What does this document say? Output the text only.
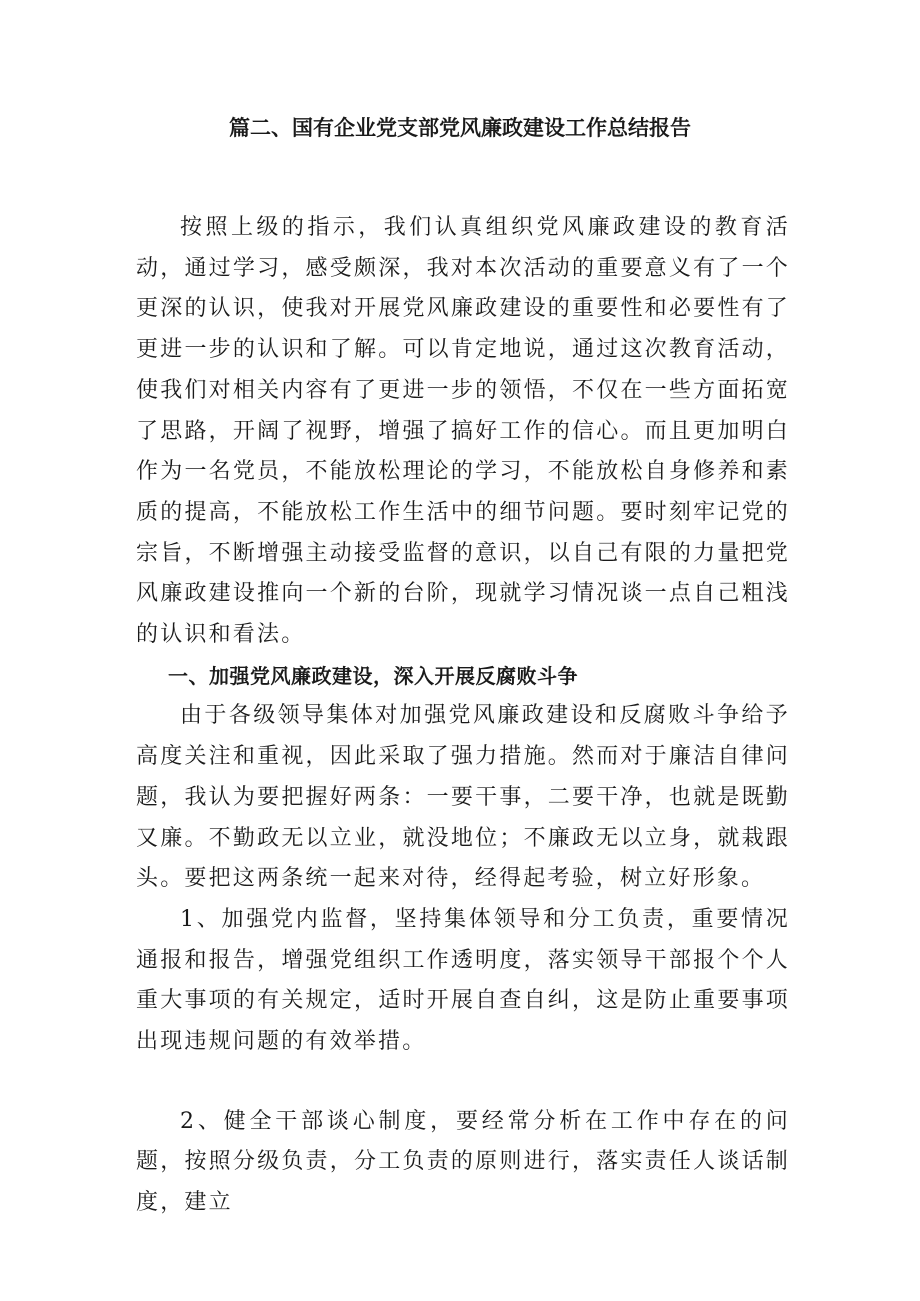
篇二、国有企业党支部党风廉政建设工作总结报告

按照上级的指示，我们认真组织党风廉政建设的教育活动，通过学习，感受颇深，我对本次活动的重要意义有了一个更深的认识，使我对开展党风廉政建设的重要性和必要性有了更进一步的认识和了解。可以肯定地说，通过这次教育活动，使我们对相关内容有了更进一步的领悟，不仅在一些方面拓宽了思路，开阔了视野，增强了搞好工作的信心。而且更加明白作为一名党员，不能放松理论的学习，不能放松自身修养和素质的提高，不能放松工作生活中的细节问题。要时刻牢记党的宗旨，不断增强主动接受监督的意识，以自己有限的力量把党风廉政建设推向一个新的台阶，现就学习情况谈一点自己粗浅的认识和看法。

一、加强党风廉政建设，深入开展反腐败斗争

由于各级领导集体对加强党风廉政建设和反腐败斗争给予高度关注和重视，因此采取了强力措施。然而对于廉洁自律问题，我认为要把握好两条：一要干事，二要干净，也就是既勤又廉。不勤政无以立业，就没地位；不廉政无以立身，就栽跟头。要把这两条统一起来对待，经得起考验，树立好形象。

1、加强党内监督，坚持集体领导和分工负责，重要情况通报和报告，增强党组织工作透明度，落实领导干部报个个人重大事项的有关规定，适时开展自查自纠，这是防止重要事项出现违规问题的有效举措。

2、健全干部谈心制度，要经常分析在工作中存在的问题，按照分级负责，分工负责的原则进行，落实责任人谈话制度，建立
